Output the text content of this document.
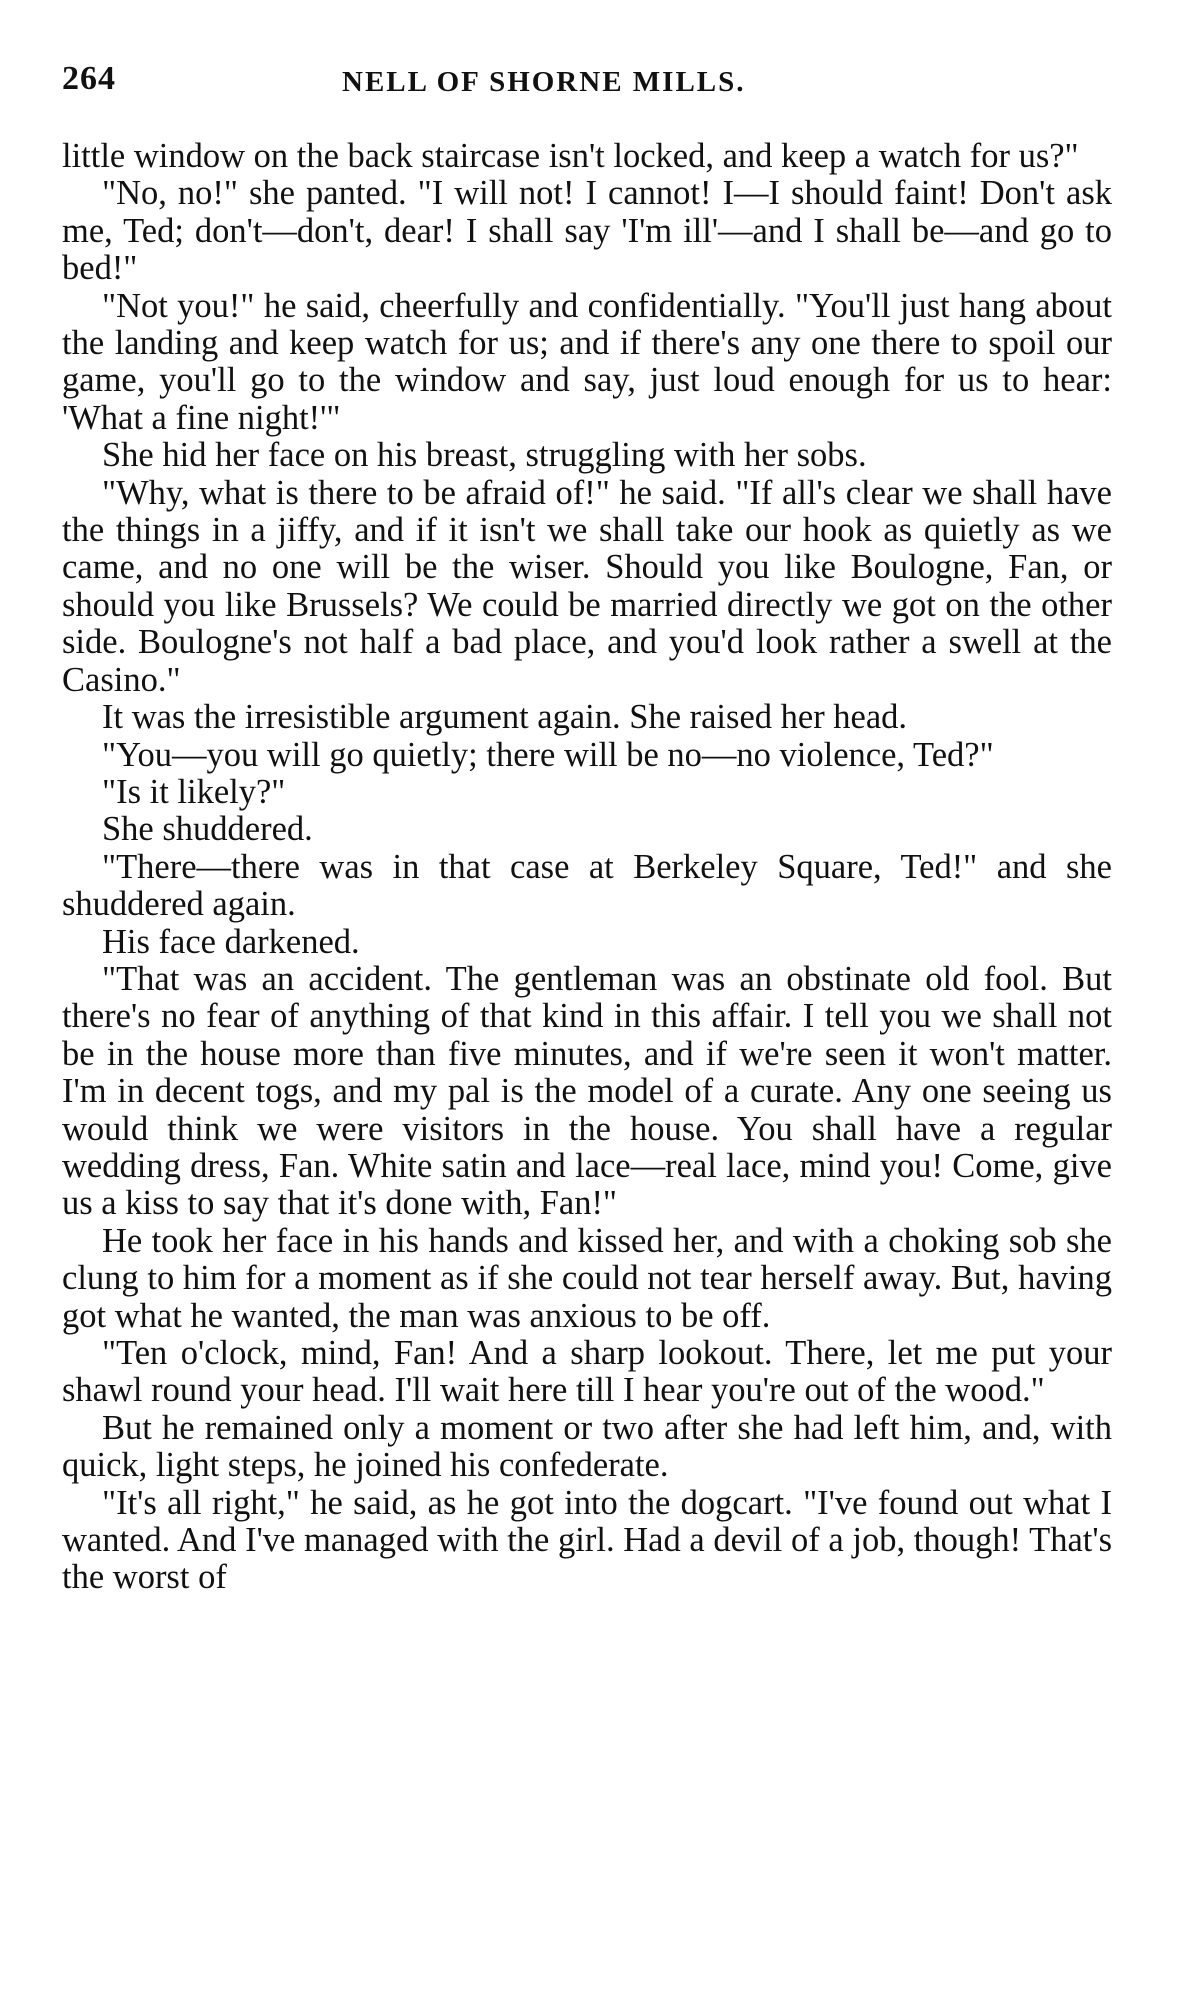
264	NELL OF SHORNE MILLS.

little window on the back staircase isn't locked, and keep a watch for us?"

"No, no!" she panted. "I will not! I cannot! I—I should faint! Don't ask me, Ted; don't—don't, dear! I shall say 'I'm ill'—and I shall be—and go to bed!"

"Not you!" he said, cheerfully and confidentially. "You'll just hang about the landing and keep watch for us; and if there's any one there to spoil our game, you'll go to the window and say, just loud enough for us to hear: 'What a fine night!'"

She hid her face on his breast, struggling with her sobs.

"Why, what is there to be afraid of!" he said. "If all's clear we shall have the things in a jiffy, and if it isn't we shall take our hook as quietly as we came, and no one will be the wiser. Should you like Boulogne, Fan, or should you like Brussels? We could be married directly we got on the other side. Boulogne's not half a bad place, and you'd look rather a swell at the Casino."

It was the irresistible argument again. She raised her head.

"You—you will go quietly; there will be no—no violence, Ted?"

"Is it likely?"

She shuddered.

"There—there was in that case at Berkeley Square, Ted!" and she shuddered again.

His face darkened.

"That was an accident. The gentleman was an obstinate old fool. But there's no fear of anything of that kind in this affair. I tell you we shall not be in the house more than five minutes, and if we're seen it won't matter. I'm in decent togs, and my pal is the model of a curate. Any one seeing us would think we were visitors in the house. You shall have a regular wedding dress, Fan. White satin and lace—real lace, mind you! Come, give us a kiss to say that it's done with, Fan!"

He took her face in his hands and kissed her, and with a choking sob she clung to him for a moment as if she could not tear herself away. But, having got what he wanted, the man was anxious to be off.

"Ten o'clock, mind, Fan! And a sharp lookout. There, let me put your shawl round your head. I'll wait here till I hear you're out of the wood."

But he remained only a moment or two after she had left him, and, with quick, light steps, he joined his confederate.

"It's all right," he said, as he got into the dogcart. "I've found out what I wanted. And I've managed with the girl. Had a devil of a job, though! That's the worst of
